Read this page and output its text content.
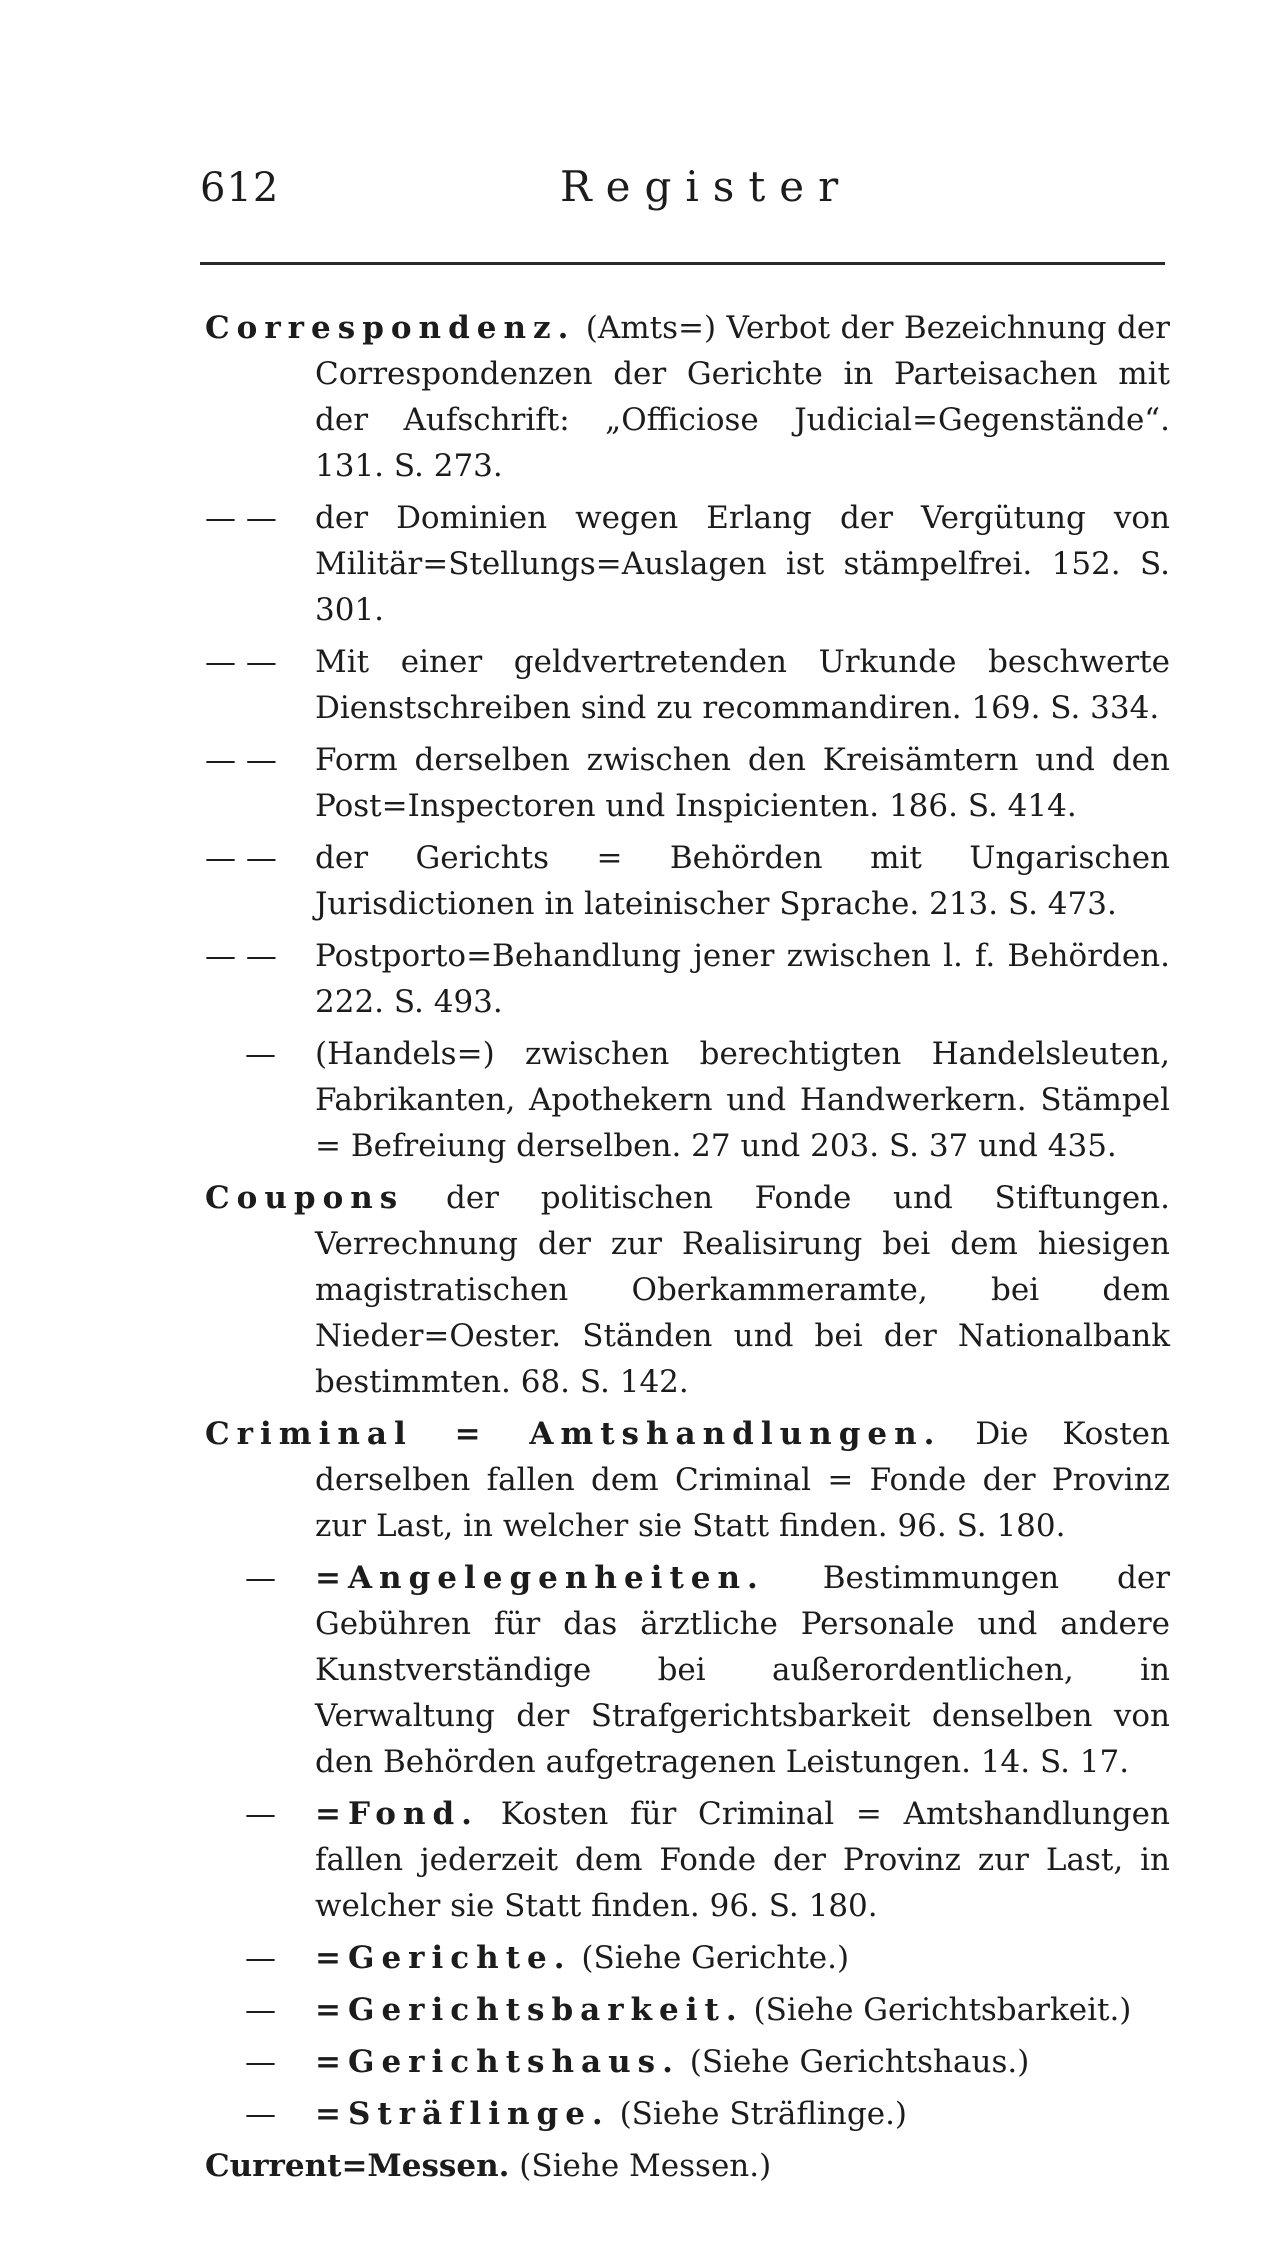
612	Register
Correspondenz. (Amts=) Verbot der Bezeichnung der Correspondenzen der Gerichte in Parteisachen mit der Aufschrift: „Officiose Judicial=Gegenstände“. 131. S. 273.
— — der Dominien wegen Erlang der Vergütung von Militär=Stellungs=Auslagen ist stämpelfrei. 152. S. 301.
— — Mit einer geldvertretenden Urkunde beschwerte Dienstschreiben sind zu recommandiren. 169. S. 334.
— — Form derselben zwischen den Kreisämtern und den Post=Inspectoren und Inspicienten. 186. S. 414.
— — der Gerichts = Behörden mit Ungarischen Jurisdictionen in lateinischer Sprache. 213. S. 473.
— — Postporto=Behandlung jener zwischen l. f. Behörden. 222. S. 493.
— (Handels=) zwischen berechtigten Handelsleuten, Fabrikanten, Apothekern und Handwerkern. Stämpel = Befreiung derselben. 27 und 203. S. 37 und 435.
Coupons der politischen Fonde und Stiftungen. Verrechnung der zur Realisirung bei dem hiesigen magistratischen Oberkammeramte, bei dem Nieder=Oester. Ständen und bei der Nationalbank bestimmten. 68. S. 142.
Criminal = Amtshandlungen. Die Kosten derselben fallen dem Criminal = Fonde der Provinz zur Last, in welcher sie Statt finden. 96. S. 180.
— =Angelegenheiten. Bestimmungen der Gebühren für das ärztliche Personale und andere Kunstverständige bei außerordentlichen, in Verwaltung der Strafgerichtsbarkeit denselben von den Behörden aufgetragenen Leistungen. 14. S. 17.
— =Fond. Kosten für Criminal = Amtshandlungen fallen jederzeit dem Fonde der Provinz zur Last, in welcher sie Statt finden. 96. S. 180.
— =Gerichte. (Siehe Gerichte.)
— =Gerichtsbarkeit. (Siehe Gerichtsbarkeit.)
— =Gerichtshaus. (Siehe Gerichtshaus.)
— =Sträflinge. (Siehe Sträflinge.)
Current=Messen. (Siehe Messen.)
